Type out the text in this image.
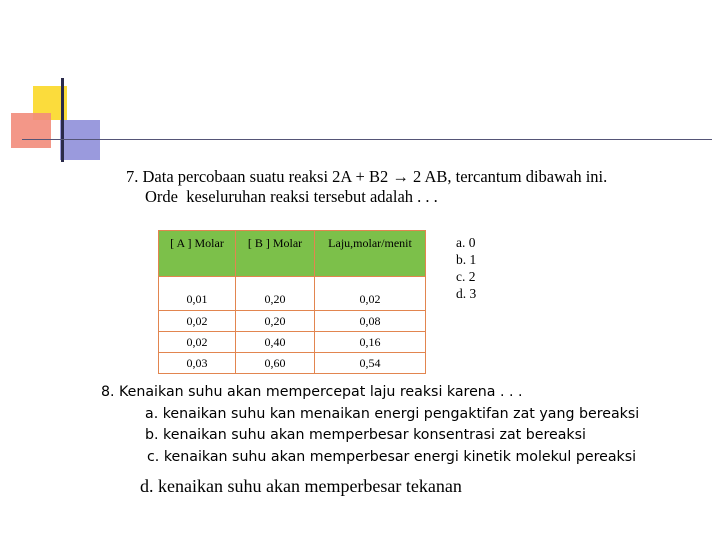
7. Data percobaan suatu reaksi 2A + B2 → 2 AB, tercantum dibawah ini.
Orde  keseluruhan reaksi tersebut adalah . . .
[ A ] Molar	[ B ] Molar	Laju,molar/menit
0,01	0,20	0,02
0,02	0,20	0,08
0,02	0,40	0,16
0,03	0,60	0,54
a. 0
b. 1
c. 2
d. 3
8. Kenaikan suhu akan mempercepat laju reaksi karena . . .
a. kenaikan suhu kan menaikan energi pengaktifan zat yang bereaksi
b. kenaikan suhu akan memperbesar konsentrasi zat bereaksi
c. kenaikan suhu akan memperbesar energi kinetik molekul pereaksi
d. kenaikan suhu akan memperbesar tekanan
